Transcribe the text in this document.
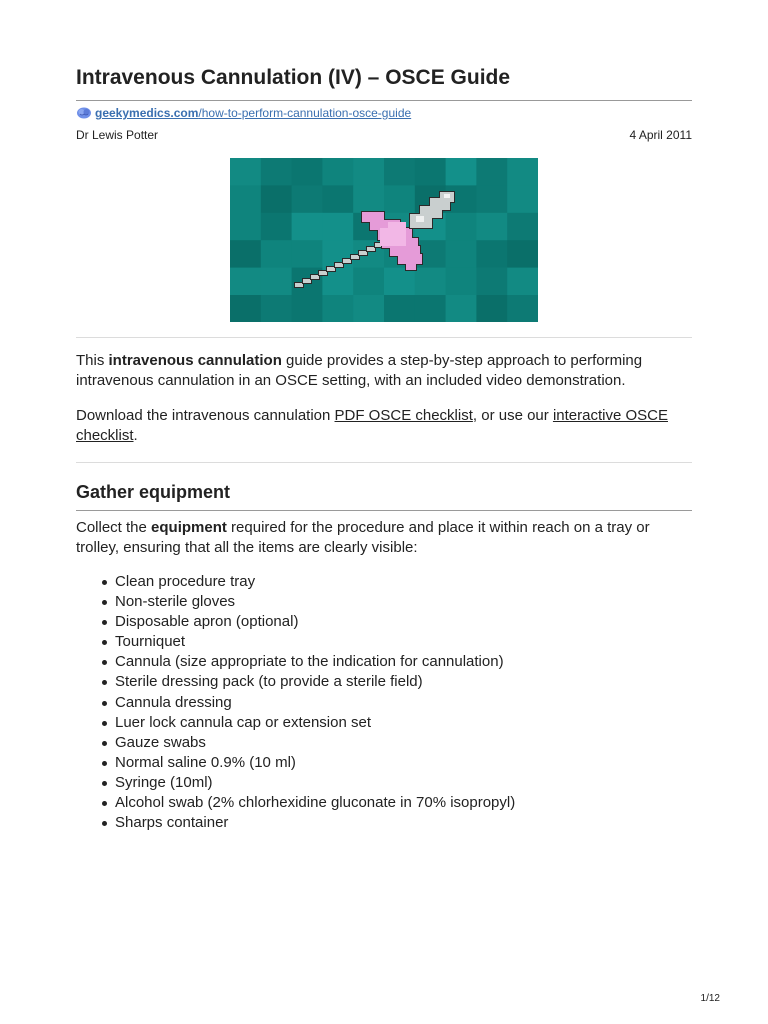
Intravenous Cannulation (IV) – OSCE Guide
geekymedics.com /how-to-perform-cannulation-osce-guide
Dr Lewis Potter	4 April 2011

This intravenous cannulation guide provides a step-by-step approach to performing intravenous cannulation in an OSCE setting, with an included video demonstration.

Download the intravenous cannulation PDF OSCE checklist, or use our interactive OSCE checklist.

Gather equipment

Collect the equipment required for the procedure and place it within reach on a tray or trolley, ensuring that all the items are clearly visible:

Clean procedure tray
Non-sterile gloves
Disposable apron (optional)
Tourniquet
Cannula (size appropriate to the indication for cannulation)
Sterile dressing pack (to provide a sterile field)
Cannula dressing
Luer lock cannula cap or extension set
Gauze swabs
Normal saline 0.9% (10 ml)
Syringe (10ml)
Alcohol swab (2% chlorhexidine gluconate in 70% isopropyl)
Sharps container
1/12
